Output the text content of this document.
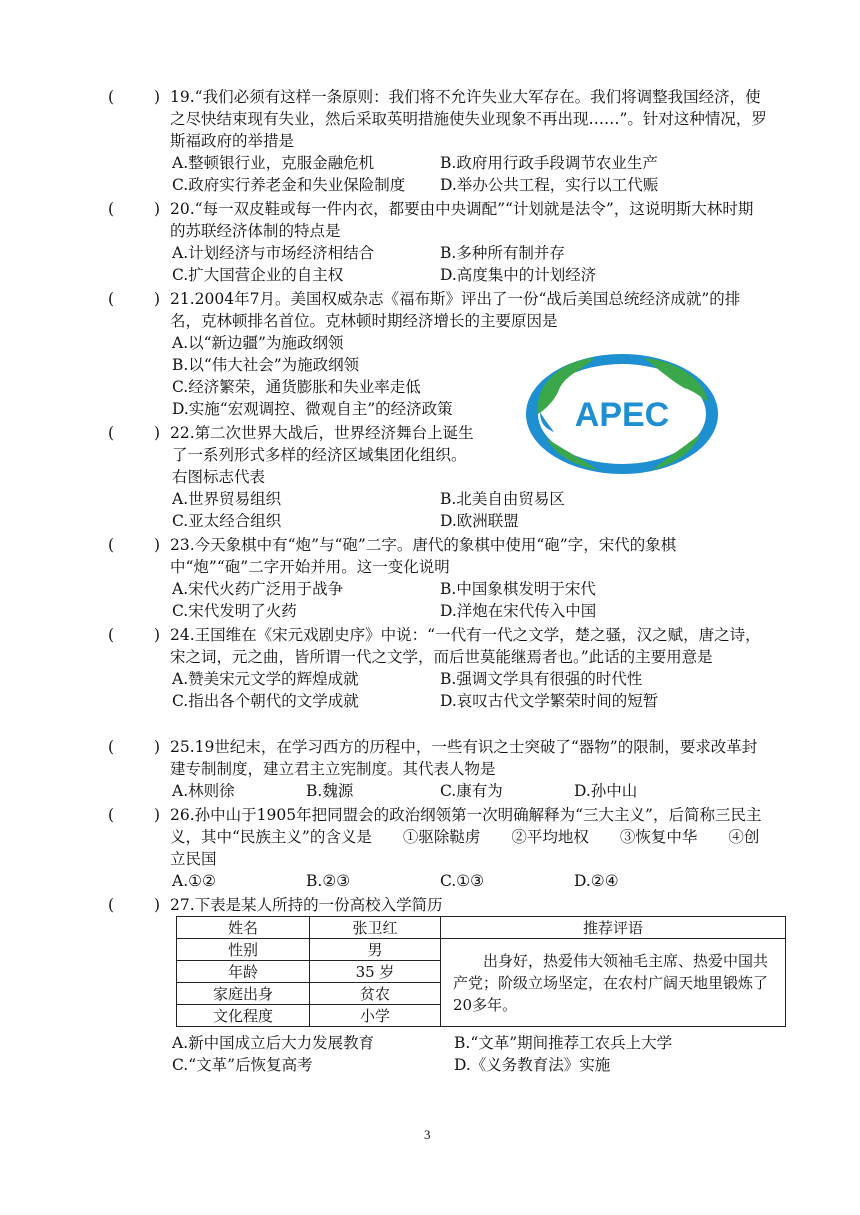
(	) 19.“我们必须有这样一条原则：我们将不允许失业大军存在。我们将调整我国经济，使之尽快结束现有失业，然后采取英明措施使失业现象不再出现……”。针对这种情况，罗斯福政府的举措是
A.整顿银行业，克服金融危机	B.政府用行政手段调节农业生产
C.政府实行养老金和失业保险制度	D.举办公共工程，实行以工代赈
(	) 20.“每一双皮鞋或每一件内衣，都要由中央调配”“计划就是法令”，这说明斯大林时期的苏联经济体制的特点是
A.计划经济与市场经济相结合	B.多种所有制并存
C.扩大国营企业的自主权	D.高度集中的计划经济
(	) 21.2004年7月。美国权威杂志《福布斯》评出了一份“战后美国总统经济成就”的排名，克林顿排名首位。克林顿时期经济增长的主要原因是
A.以“新边疆”为施政纲领
B.以“伟大社会”为施政纲领
C.经济繁荣，通货膨胀和失业率走低
D.实施“宏观调控、微观自主”的经济政策	APEC
(	) 22.第二次世界大战后，世界经济舞台上诞生
了一系列形式多样的经济区域集团化组织。
右图标志代表
A.世界贸易组织	B.北美自由贸易区
C.亚太经合组织	D.欧洲联盟
(	) 23.今天象棋中有“炮”与“砲”二字。唐代的象棋中使用“砲”字，宋代的象棋中“炮”“砲”二字开始并用。这一变化说明
A.宋代火药广泛用于战争	B.中国象棋发明于宋代
C.宋代发明了火药	D.洋炮在宋代传入中国
(	) 24.王国维在《宋元戏剧史序》中说：“一代有一代之文学，楚之骚，汉之赋，唐之诗，宋之词，元之曲，皆所谓一代之文学，而后世莫能继焉者也。”此话的主要用意是
A.赞美宋元文学的辉煌成就	B.强调文学具有很强的时代性
C.指出各个朝代的文学成就	D.哀叹古代文学繁荣时间的短暂
(	) 25.19世纪末，在学习西方的历程中，一些有识之士突破了“器物”的限制，要求改革封建专制制度，建立君主立宪制度。其代表人物是
A.林则徐	B.魏源	C.康有为	D.孙中山
(	) 26.孙中山于1905年把同盟会的政治纲领第一次明确解释为“三大主义”，后简称三民主义，其中“民族主义”的含义是　　①驱除鞑虏　　②平均地权　　③恢复中华　　④创立民国
A.①②	B.②③	C.①③	D.②④
(	) 27.下表是某人所持的一份高校入学简历
姓名	张卫红	推荐评语
性别	男	出身好，热爱伟大领袖毛主席、热爱中国共产党；阶级立场坚定，在农村广阔天地里锻炼了20多年。
年龄	35 岁	
家庭出身	贫农	
文化程度	小学	
A.新中国成立后大力发展教育	B.“文革”期间推荐工农兵上大学
C.“文革”后恢复高考	D.《义务教育法》实施
3
